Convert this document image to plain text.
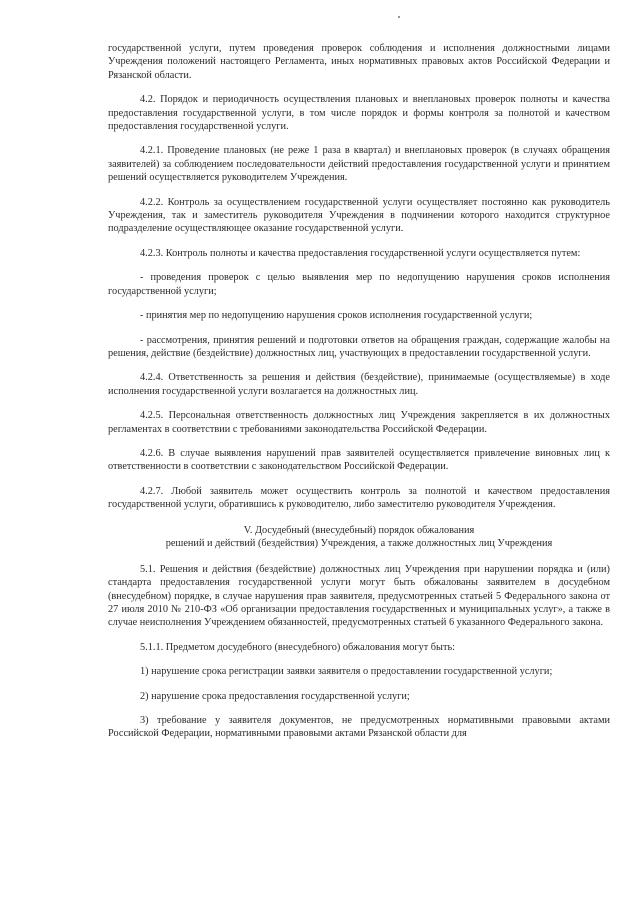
государственной услуги, путем проведения проверок соблюдения и исполнения должностными лицами Учреждения положений настоящего Регламента, иных нормативных правовых актов Российской Федерации и Рязанской области.

4.2. Порядок и периодичность осуществления плановых и внеплановых проверок полноты и качества предоставления государственной услуги, в том числе порядок и формы контроля за полнотой и качеством предоставления государственной услуги.

4.2.1. Проведение плановых (не реже 1 раза в квартал) и внеплановых проверок (в случаях обращения заявителей) за соблюдением последовательности действий предоставления государственной услуги и принятием решений осуществляется руководителем Учреждения.

4.2.2. Контроль за осуществлением государственной услуги осуществляет постоянно как руководитель Учреждения, так и заместитель руководителя Учреждения в подчинении которого находится структурное подразделение осуществляющее оказание государственной услуги.

4.2.3. Контроль полноты и качества предоставления государственной услуги осуществляется путем:

- проведения проверок с целью выявления мер по недопущению нарушения сроков исполнения государственной услуги;

- принятия мер по недопущению нарушения сроков исполнения государственной услуги;

- рассмотрения, принятия решений и подготовки ответов на обращения граждан, содержащие жалобы на решения, действие (бездействие) должностных лиц, участвующих в предоставлении государственной услуги.

4.2.4. Ответственность за решения и действия (бездействие), принимаемые (осуществляемые) в ходе исполнения государственной услуги возлагается на должностных лиц.

4.2.5. Персональная ответственность должностных лиц Учреждения закрепляется в их должностных регламентах в соответствии с требованиями законодательства Российской Федерации.

4.2.6. В случае выявления нарушений прав заявителей осуществляется привлечение виновных лиц к ответственности в соответствии с законодательством Российской Федерации.

4.2.7. Любой заявитель может осуществить контроль за полнотой и качеством предоставления государственной услуги, обратившись к руководителю, либо заместителю руководителя Учреждения.

V. Досудебный (внесудебный) порядок обжалования
решений и действий (бездействия) Учреждения, а также должностных лиц Учреждения

5.1. Решения и действия (бездействие) должностных лиц Учреждения при нарушении порядка и (или) стандарта предоставления государственной услуги могут быть обжалованы заявителем в досудебном (внесудебном) порядке, в случае нарушения прав заявителя, предусмотренных статьей 5 Федерального закона от 27 июля 2010 № 210-ФЗ «Об организации предоставления государственных и муниципальных услуг», а также в случае неисполнения Учреждением обязанностей, предусмотренных статьей 6 указанного Федерального закона.

5.1.1. Предметом досудебного (внесудебного) обжалования могут быть:

1) нарушение срока регистрации заявки заявителя о предоставлении государственной услуги;

2) нарушение срока предоставления государственной услуги;

3) требование у заявителя документов, не предусмотренных нормативными правовыми актами Российской Федерации, нормативными правовыми актами Рязанской области для
